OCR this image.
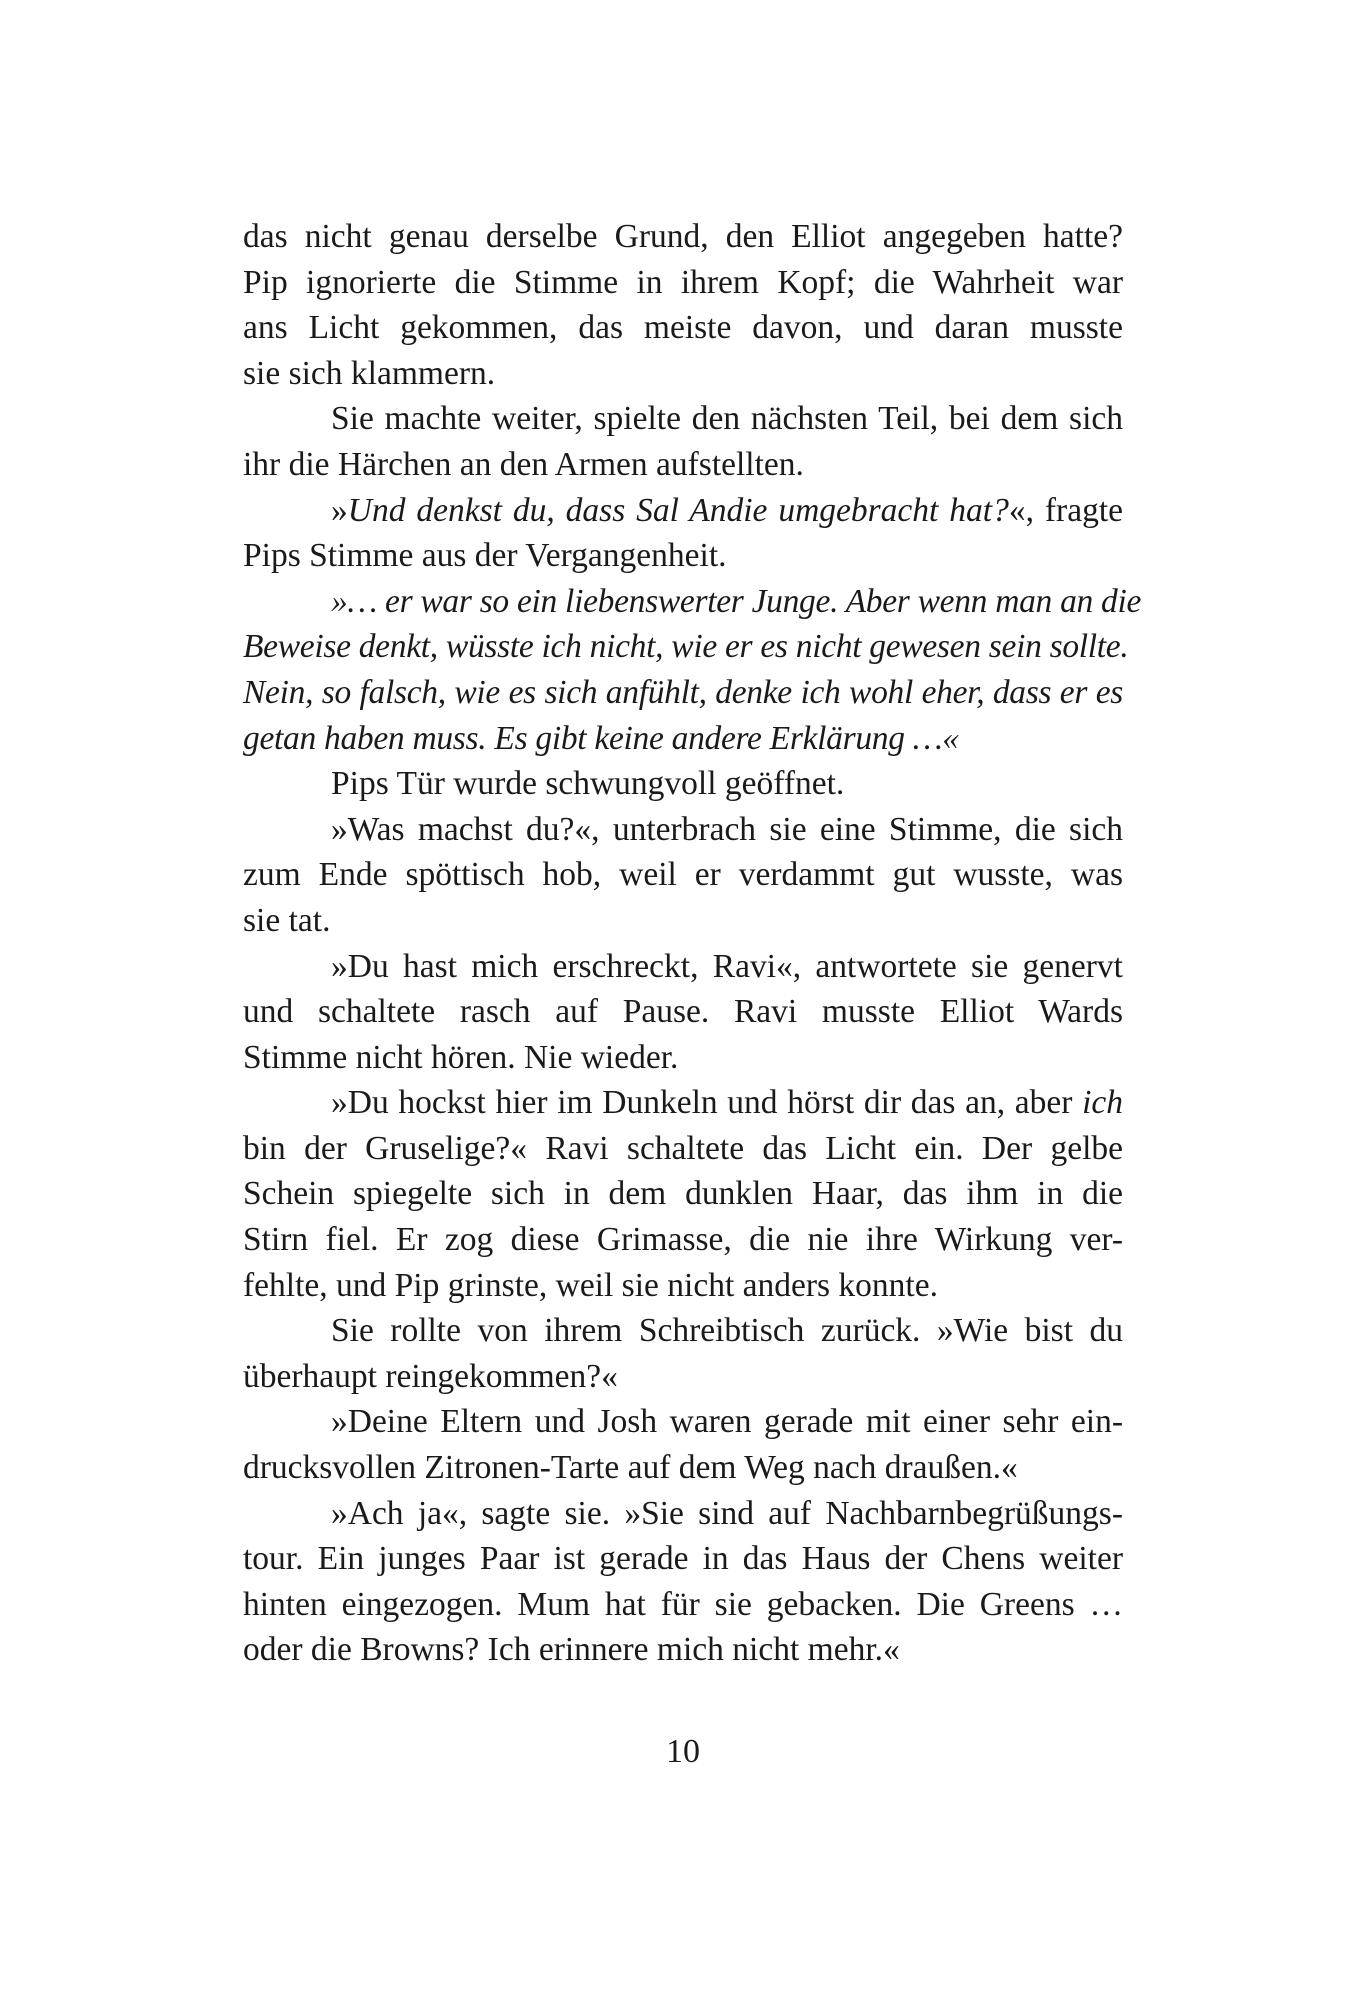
das nicht genau derselbe Grund, den Elliot angegeben hatte?
Pip ignorierte die Stimme in ihrem Kopf; die Wahrheit war
ans Licht gekommen, das meiste davon, und daran musste
sie sich klammern.

Sie machte weiter, spielte den nächsten Teil, bei dem sich
ihr die Härchen an den Armen aufstellten.

»Und denkst du, dass Sal Andie umgebracht hat?«, fragte
Pips Stimme aus der Vergangenheit.

»… er war so ein liebenswerter Junge. Aber wenn man an die
Beweise denkt, wüsste ich nicht, wie er es nicht gewesen sein sollte.
Nein, so falsch, wie es sich anfühlt, denke ich wohl eher, dass er es
getan haben muss. Es gibt keine andere Erklärung …«

Pips Tür wurde schwungvoll geöffnet.

»Was machst du?«, unterbrach sie eine Stimme, die sich
zum Ende spöttisch hob, weil er verdammt gut wusste, was
sie tat.

»Du hast mich erschreckt, Ravi«, antwortete sie genervt
und schaltete rasch auf Pause. Ravi musste Elliot Wards
Stimme nicht hören. Nie wieder.

»Du hockst hier im Dunkeln und hörst dir das an, aber ich
bin der Gruselige?« Ravi schaltete das Licht ein. Der gelbe
Schein spiegelte sich in dem dunklen Haar, das ihm in die
Stirn fiel. Er zog diese Grimasse, die nie ihre Wirkung ver-
fehlte, und Pip grinste, weil sie nicht anders konnte.

Sie rollte von ihrem Schreibtisch zurück. »Wie bist du
überhaupt reingekommen?«

»Deine Eltern und Josh waren gerade mit einer sehr ein-
drucksvollen Zitronen-Tarte auf dem Weg nach draußen.«

»Ach ja«, sagte sie. »Sie sind auf Nachbarnbegrüßungs-
tour. Ein junges Paar ist gerade in das Haus der Chens weiter
hinten eingezogen. Mum hat für sie gebacken. Die Greens …
oder die Browns? Ich erinnere mich nicht mehr.«

10
